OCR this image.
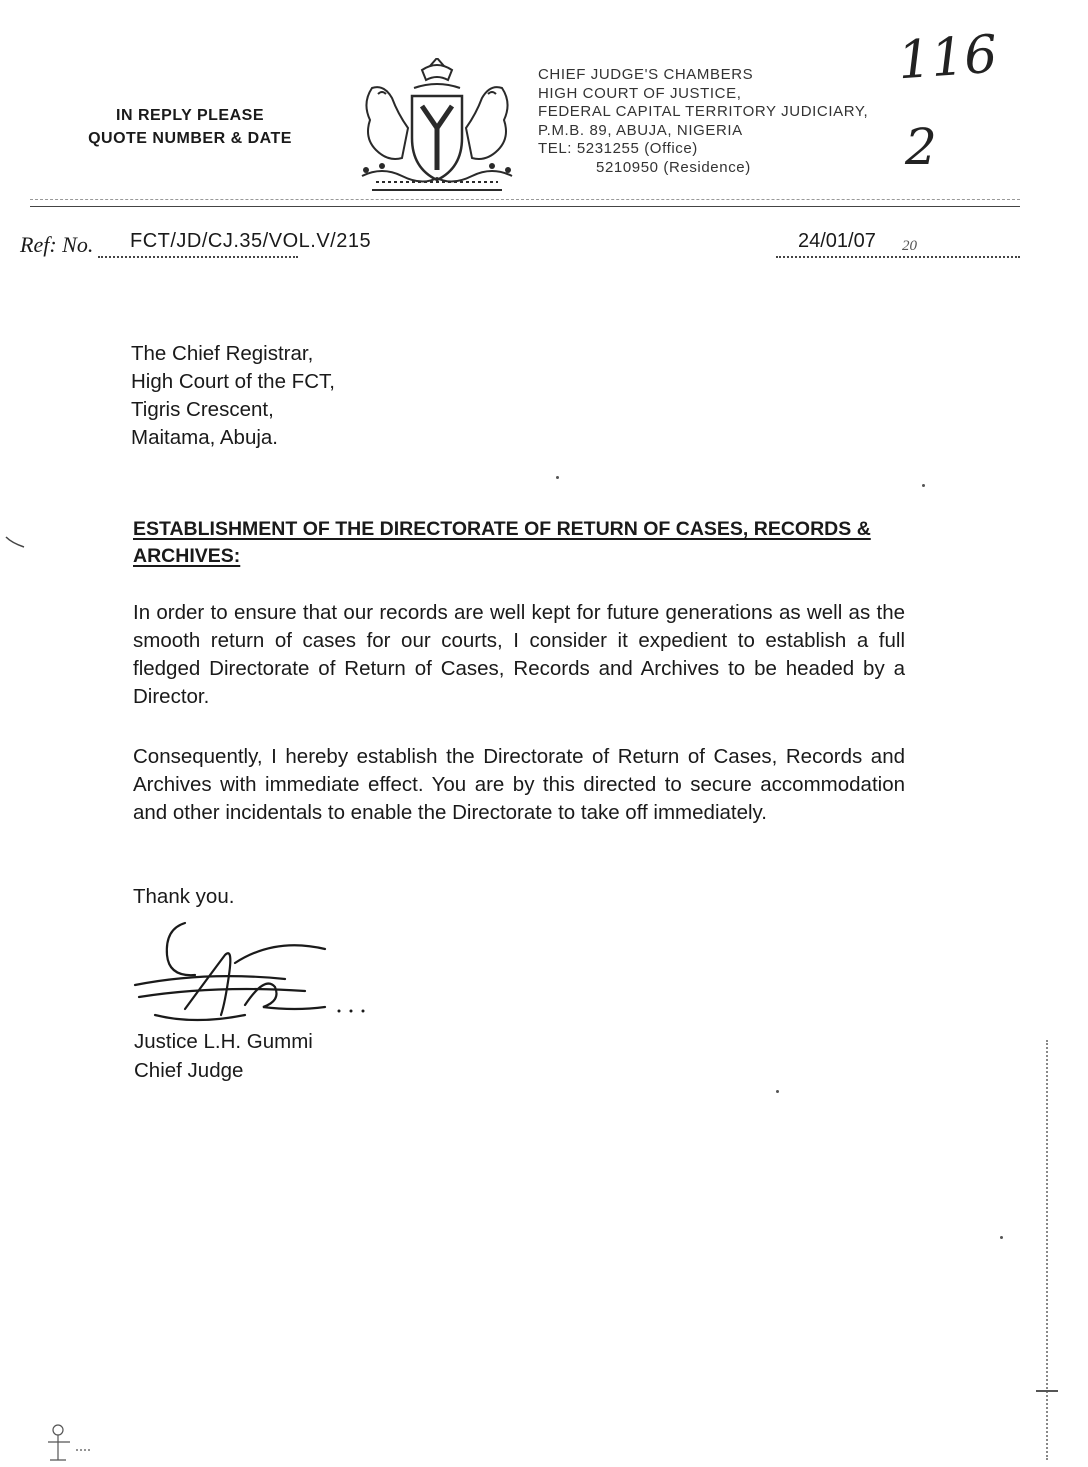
IN REPLY PLEASE
QUOTE NUMBER & DATE
CHIEF JUDGE'S CHAMBERS
HIGH COURT OF JUSTICE,
FEDERAL CAPITAL TERRITORY JUDICIARY,
P.M.B. 89, ABUJA, NIGERIA
TEL: 5231255 (Office)
5210950 (Residence)
116
2
Ref: No. FCT/JD/CJ.35/VOL.V/215	24/01/07 20
The Chief Registrar,
High Court of the FCT,
Tigris Crescent,
Maitama, Abuja.
ESTABLISHMENT OF THE DIRECTORATE OF RETURN OF CASES, RECORDS & ARCHIVES:
In order to ensure that our records are well kept for future generations as well as the smooth return of cases for our courts, I consider it expedient to establish a full fledged Directorate of Return of Cases, Records and Archives to be headed by a Director.
Consequently, I hereby establish the Directorate of Return of Cases, Records and Archives with immediate effect. You are by this directed to secure accommodation and other incidentals to enable the Directorate to take off immediately.
Thank you.
Justice L.H. Gummi
Chief Judge
